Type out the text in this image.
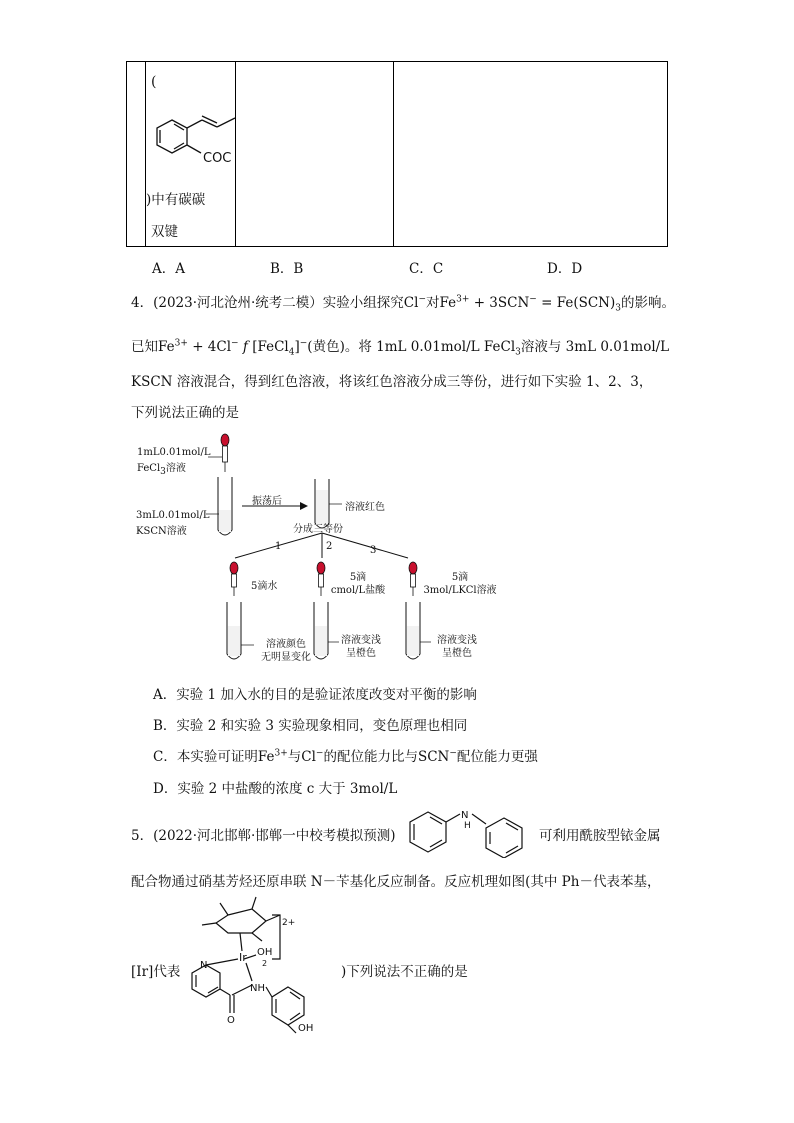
(
COC
)中有碳碳
双键
A．A	B．B	C．C	D．D
4．(2023·河北沧州·统考二模）实验小组探究Cl−对$Fe^{3+} + 3SCN^- = Fe(SCN)_3$的影响。
已知$Fe^{3+} + 4Cl^-$ f [FeCl$_4$]−(黄色)。将 1mL 0.01mol/L FeCl$_3$溶液与 3mL 0.01mol/L
KSCN 溶液混合，得到红色溶液，将该红色溶液分成三等份，进行如下实验 1、2、3，
下列说法正确的是
1mL0.01mol/L
FeCl$_3$溶液
3mL0.01mol/L
KSCN溶液
振荡后
溶液红色
分成三等份
1	2	3
5滴水
5滴
cmol/L盐酸
5滴
3mol/LKCl溶液
溶液颜色
无明显变化
溶液变浅
呈橙色
溶液变浅
呈橙色
A．实验 1 加入水的目的是验证浓度改变对平衡的影响
B．实验 2 和实验 3 实验现象相同，变色原理也相同
C．本实验可证明$Fe^{3+}$与Cl−的配位能力比与SCN−配位能力更强
D．实验 2 中盐酸的浓度 c 大于 3mol/L
5．(2022·河北邯郸·邯郸一中校考模拟预测)
N
H
可利用酰胺型铱金属
配合物通过硝基芳烃还原串联 N－苄基化反应制备。反应机理如图(其中 Ph－代表苯基，
[Ir]代表
Ir
2+
OH
2
N
NH
O
OH
)下列说法不正确的是
